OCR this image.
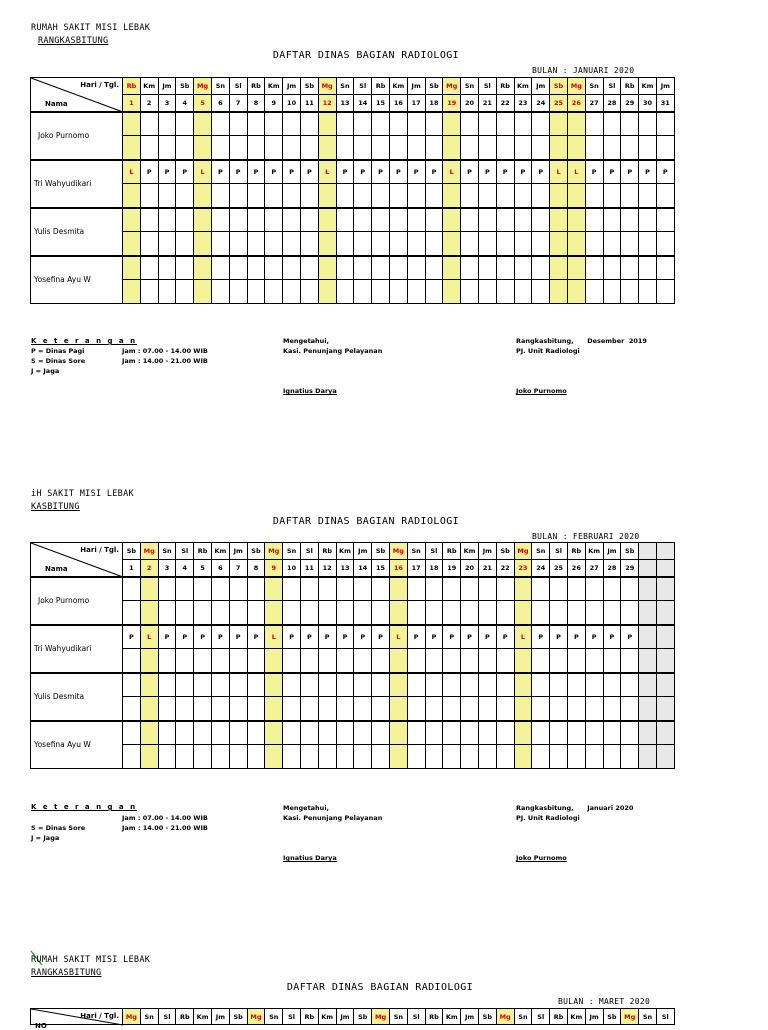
RUMAH SAKIT MISI LEBAK
RANGKASBITUNG
DAFTAR DINAS BAGIAN RADIOLOGI
BULAN : JANUARI 2020
Hari / Tgl.
Nama	Rb	Km	Jm	Sb	Mg	Sn	Sl	Rb	Km	Jm	Sb	Mg	Sn	Sl	Rb	Km	Jm	Sb	Mg	Sn	Sl	Rb	Km	Jm	Sb	Mg	Sn	Sl	Rb	Km	Jm
	1	2	3	4	5	6	7	8	9	10	11	12	13	14	15	16	17	18	19	20	21	22	23	24	25	26	27	28	29	30	31
Joko Purnomo																															

Tri Wahyudikari	L	P	P	P	L	P	P	P	P	P	P	L	P	P	P	P	P	P	L	P	P	P	P	P	L	L	P	P	P	P	P

Yulis Desmita																															

Yosefina Ayu W																															

K e t e r a n g a n
P = Dinas Pagi
S = Dinas Sore
J = Jaga
Jam : 07.00 - 14.00 WIB
Jam : 14.00 - 21.00 WIB
Mengetahui,
Kasi. Penunjang Pelayanan
Ignatius Darya
Rangkasbitung,      Desember  2019
PJ. Unit Radiologi
Joko Purnomo
iH SAKIT MISI LEBAK
KASBITUNG
DAFTAR DINAS BAGIAN RADIOLOGI
BULAN : FEBRUARI 2020
Hari / Tgl.
Nama	Sb	Mg	Sn	Sl	Rb	Km	Jm	Sb	Mg	Sn	Sl	Rb	Km	Jm	Sb	Mg	Sn	Sl	Rb	Km	Jm	Sb	Mg	Sn	Sl	Rb	Km	Jm	Sb		
	1	2	3	4	5	6	7	8	9	10	11	12	13	14	15	16	17	18	19	20	21	22	23	24	25	26	27	28	29		
Joko Purnomo																															

Tri Wahyudikari	P	L	P	P	P	P	P	P	L	P	P	P	P	P	P	L	P	P	P	P	P	P	L	P	P	P	P	P	P		

Yulis Desmita																															

Yosefina Ayu W																															

K e t e r a n g a n
S = Dinas Sore
J = Jaga
Jam : 07.00 - 14.00 WIB
Jam : 14.00 - 21.00 WIB
Mengetahui,
Kasi. Penunjang Pelayanan
Ignatius Darya
Rangkasbitung,      Januari 2020
PJ. Unit Radiologi
Joko Purnomo
RUMAH SAKIT MISI LEBAK
RANGKASBITUNG
DAFTAR DINAS BAGIAN RADIOLOGI
BULAN : MARET 2020
Hari / Tgl.
NO
	Mg	Sn	Sl	Rb	Km	Jm	Sb	Mg	Sn	Sl	Rb	Km	Jm	Sb	Mg	Sn	Sl	Rb	Km	Jm	Sb	Mg	Sn	Sl	Rb	Km	Jm	Sb	Mg	Sn	Sl
